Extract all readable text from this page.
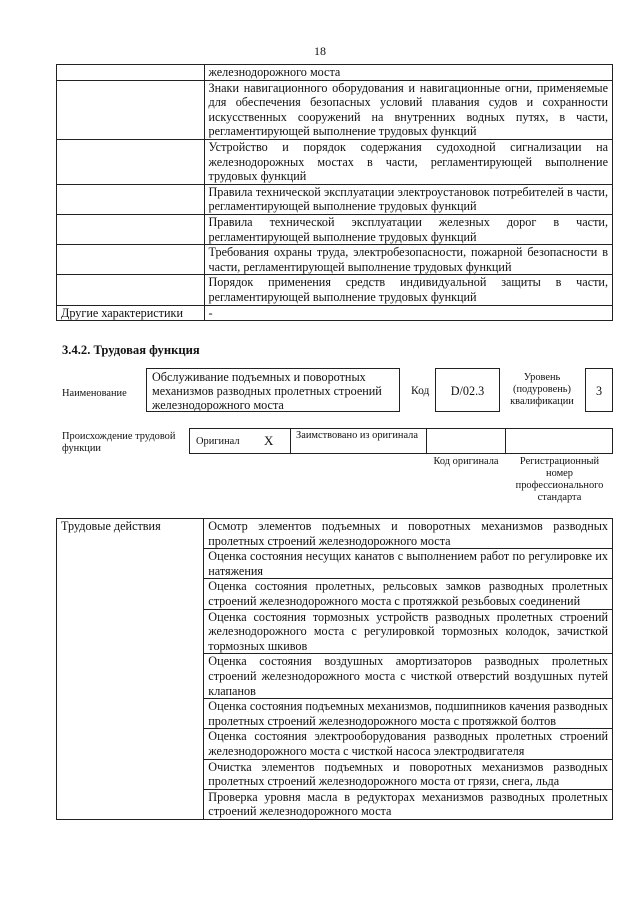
18
	железнодорожного моста
	Знаки навигационного оборудования и навигационные огни, применяемые для обеспечения безопасных условий плавания судов и сохранности искусственных сооружений на внутренних водных путях, в части, регламентирующей выполнение трудовых функций
	Устройство и порядок содержания судоходной сигнализации на железнодорожных мостах в части, регламентирующей выполнение трудовых функций
	Правила технической эксплуатации электроустановок потребителей в части, регламентирующей выполнение трудовых функций
	Правила технической эксплуатации железных дорог в части, регламентирующей выполнение трудовых функций
	Требования охраны труда, электробезопасности, пожарной безопасности в части, регламентирующей выполнение трудовых функций
	Порядок применения средств индивидуальной защиты в части, регламентирующей выполнение трудовых функций
Другие характеристики	-
3.4.2. Трудовая функция
Наименование
Обслуживание подъемных и поворотных механизмов разводных пролетных строений железнодорожного моста
Код	D/02.3
Уровень (подуровень) квалификации
3
Происхождение трудовой функции
Оригинал X Заимствовано из оригинала
Код оригинала	Регистрационный номер профессионального стандарта
Трудовые действия	Осмотр элементов подъемных и поворотных механизмов разводных пролетных строений железнодорожного моста
Оценка состояния несущих канатов с выполнением работ по регулировке их натяжения
Оценка состояния пролетных, рельсовых замков разводных пролетных строений железнодорожного моста с протяжкой резьбовых соединений
Оценка состояния тормозных устройств разводных пролетных строений железнодорожного моста с регулировкой тормозных колодок, зачисткой тормозных шкивов
Оценка состояния воздушных амортизаторов разводных пролетных строений железнодорожного моста с чисткой отверстий воздушных путей клапанов
Оценка состояния подъемных механизмов, подшипников качения разводных пролетных строений железнодорожного моста с протяжкой болтов
Оценка состояния электрооборудования разводных пролетных строений железнодорожного моста с чисткой насоса электродвигателя
Очистка элементов подъемных и поворотных механизмов разводных пролетных строений железнодорожного моста от грязи, снега, льда
Проверка уровня масла в редукторах механизмов разводных пролетных строений железнодорожного моста
